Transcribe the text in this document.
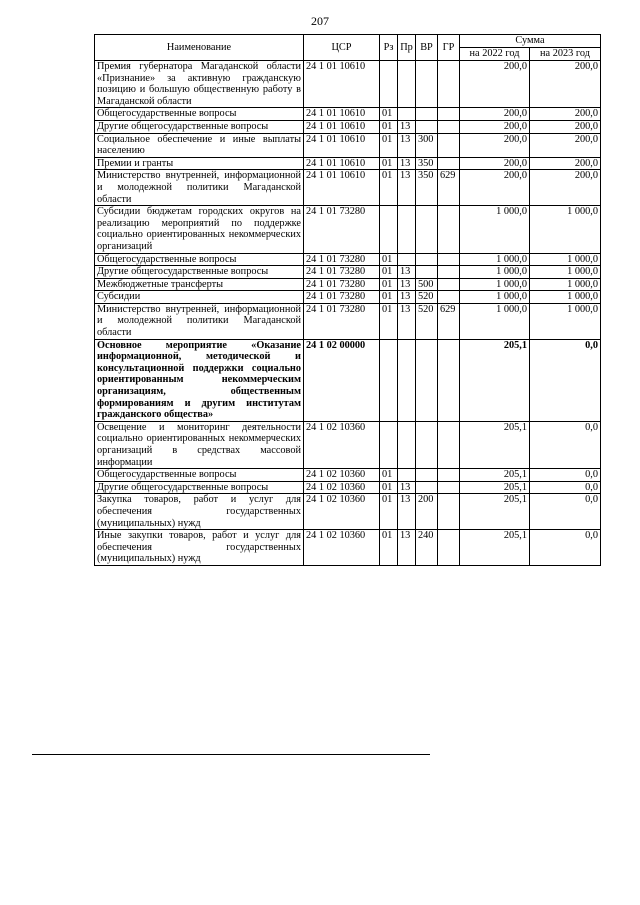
207
Наименование	ЦСР	Рз	Пр	ВР	ГР	Сумма	
						на 2022 год	на 2023 год
Премия губернатора Магаданской области «Признание» за активную гражданскую позицию и большую общественную работу в Магаданской области	24 1 01 10610					200,0	200,0
Общегосударственные вопросы	24 1 01 10610	01				200,0	200,0
Другие общегосударственные вопросы	24 1 01 10610	01	13			200,0	200,0
Социальное обеспечение и иные выплаты населению	24 1 01 10610	01	13	300		200,0	200,0
Премии и гранты	24 1 01 10610	01	13	350		200,0	200,0
Министерство внутренней, информационной и молодежной политики Магаданской области	24 1 01 10610	01	13	350	629	200,0	200,0
Субсидии бюджетам городских округов на реализацию мероприятий по поддержке социально ориентированных некоммерческих организаций	24 1 01 73280					1 000,0	1 000,0
Общегосударственные вопросы	24 1 01 73280	01				1 000,0	1 000,0
Другие общегосударственные вопросы	24 1 01 73280	01	13			1 000,0	1 000,0
Межбюджетные трансферты	24 1 01 73280	01	13	500		1 000,0	1 000,0
Субсидии	24 1 01 73280	01	13	520		1 000,0	1 000,0
Министерство внутренней, информационной и молодежной политики Магаданской области	24 1 01 73280	01	13	520	629	1 000,0	1 000,0
Основное мероприятие «Оказание информационной, методической и консультационной поддержки социально ориентированным некоммерческим организациям, общественным формированиям и другим институтам гражданского общества»	24 1 02 00000					205,1	0,0
Освещение и мониторинг деятельности социально ориентированных некоммерческих организаций в средствах массовой информации	24 1 02 10360					205,1	0,0
Общегосударственные вопросы	24 1 02 10360	01				205,1	0,0
Другие общегосударственные вопросы	24 1 02 10360	01	13			205,1	0,0
Закупка товаров, работ и услуг для обеспечения государственных (муниципальных) нужд	24 1 02 10360	01	13	200		205,1	0,0
Иные закупки товаров, работ и услуг для обеспечения государственных (муниципальных) нужд	24 1 02 10360	01	13	240		205,1	0,0
